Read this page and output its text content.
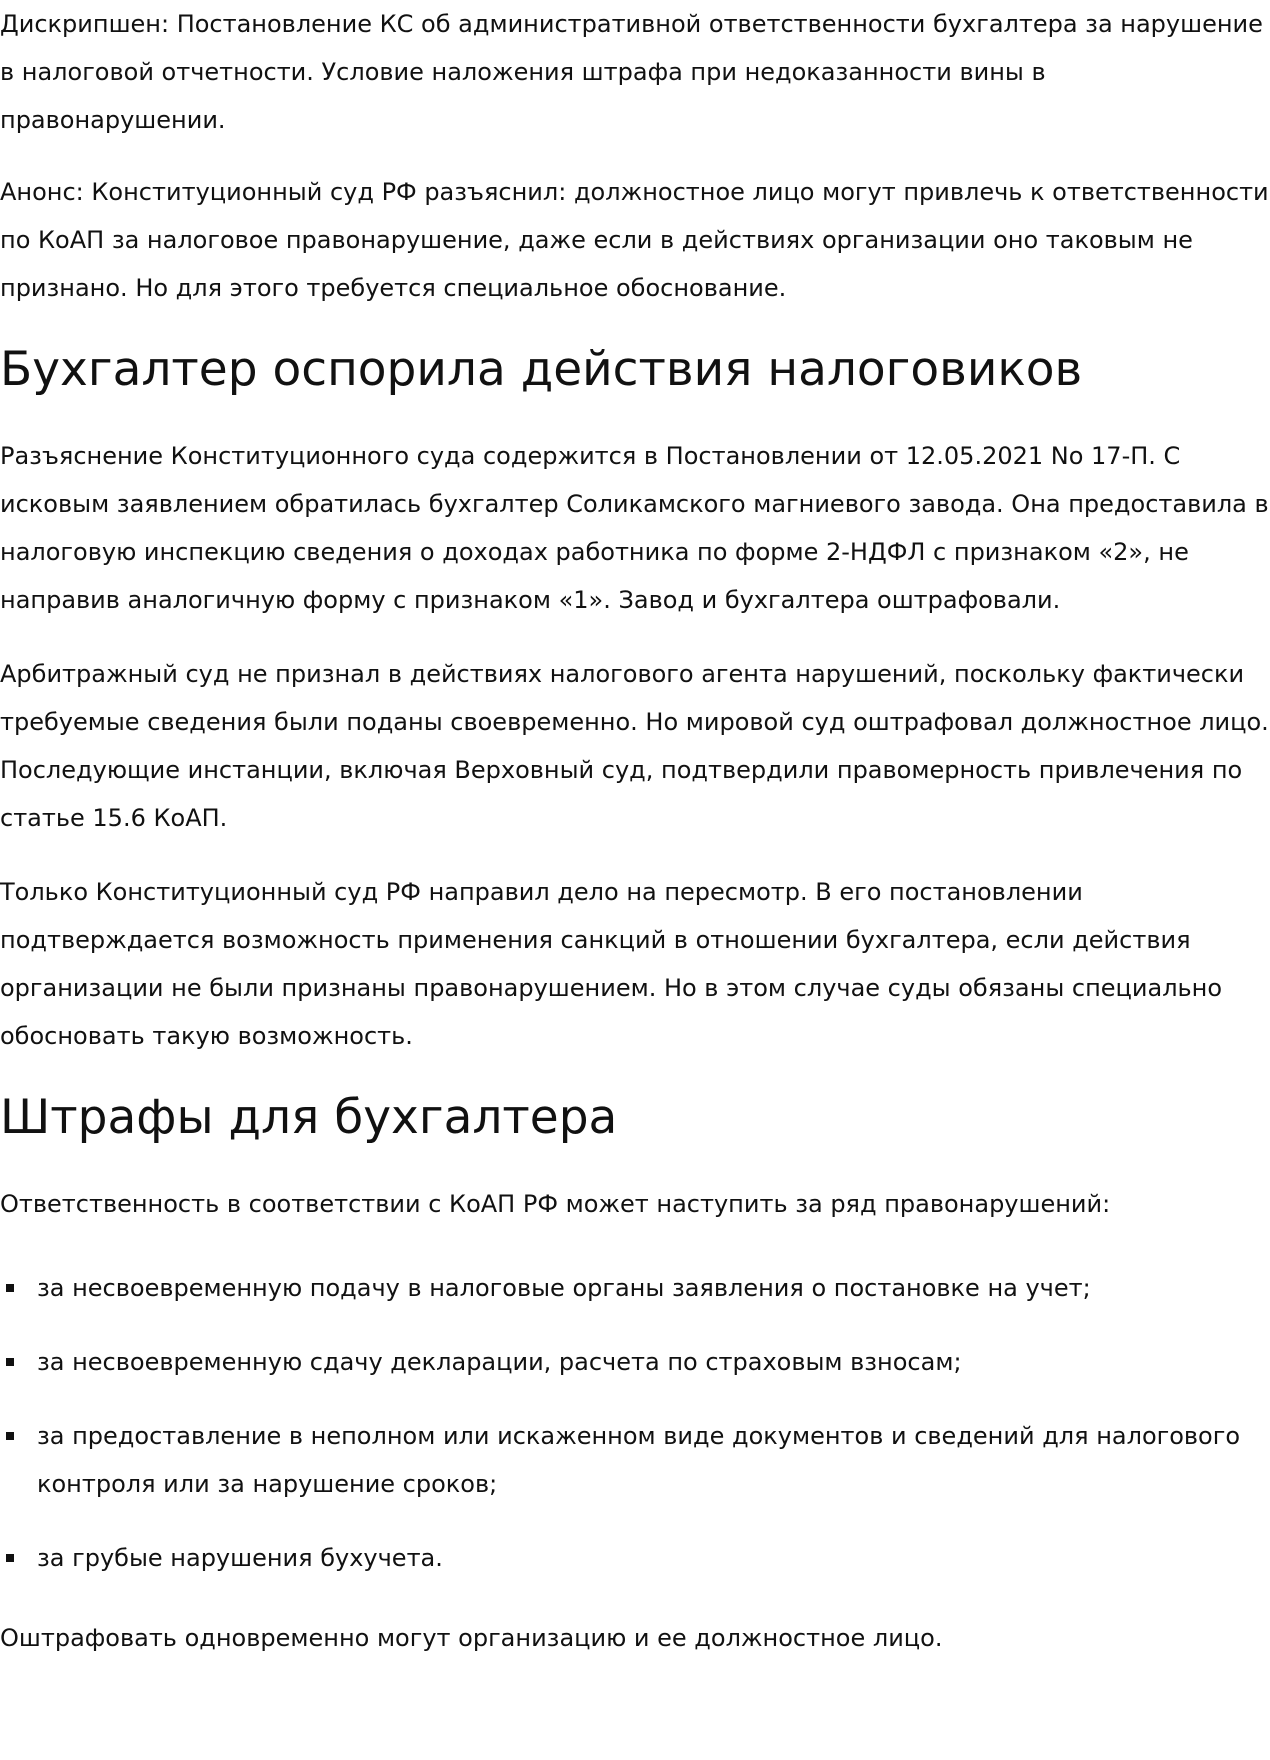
Дискрипшен: Постановление КС об административной ответственности бухгалтера за нарушение в налоговой отчетности. Условие наложения штрафа при недоказанности вины в правонарушении.

Анонс: Конституционный суд РФ разъяснил: должностное лицо могут привлечь к ответственности по КоАП за налоговое правонарушение, даже если в действиях организации оно таковым не признано. Но для этого требуется специальное обоснование.

Бухгалтер оспорила действия налоговиков

Разъяснение Конституционного суда содержится в Постановлении от 12.05.2021 No 17-П. С исковым заявлением обратилась бухгалтер Соликамского магниевого завода. Она предоставила в налоговую инспекцию сведения о доходах работника по форме 2-НДФЛ с признаком «2», не направив аналогичную форму с признаком «1». Завод и бухгалтера оштрафовали.

Арбитражный суд не признал в действиях налогового агента нарушений, поскольку фактически требуемые сведения были поданы своевременно. Но мировой суд оштрафовал должностное лицо. Последующие инстанции, включая Верховный суд, подтвердили правомерность привлечения по статье 15.6 КоАП.

Только Конституционный суд РФ направил дело на пересмотр. В его постановлении подтверждается возможность применения санкций в отношении бухгалтера, если действия организации не были признаны правонарушением. Но в этом случае суды обязаны специально обосновать такую возможность.

Штрафы для бухгалтера

Ответственность в соответствии с КоАП РФ может наступить за ряд правонарушений:

за несвоевременную подачу в налоговые органы заявления о постановке на учет;
за несвоевременную сдачу декларации, расчета по страховым взносам;
за предоставление в неполном или искаженном виде документов и сведений для налогового контроля или за нарушение сроков;
за грубые нарушения бухучета.

Оштрафовать одновременно могут организацию и ее должностное лицо.
